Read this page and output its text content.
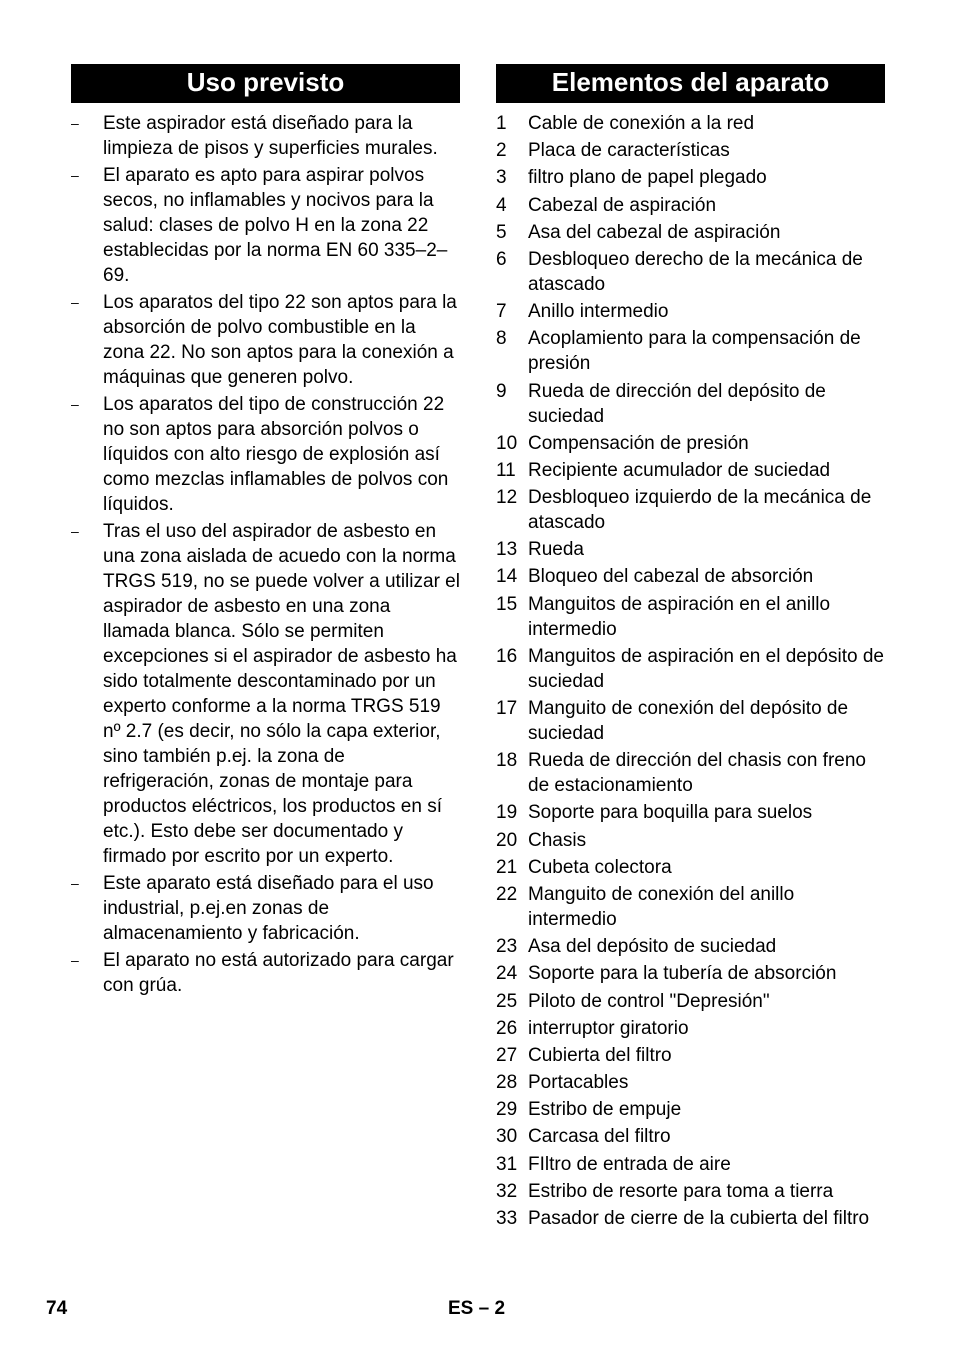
Uso previsto
– Este aspirador está diseñado para la limpieza de pisos y superficies murales.
– El aparato es apto para aspirar polvos secos, no inflamables y nocivos para la salud: clases de polvo H en la zona 22 establecidas por la norma EN 60 335–2–69.
– Los aparatos del tipo 22 son aptos para la absorción de polvo combustible en la zona 22. No son aptos para la conexión a máquinas que generen polvo.
– Los aparatos del tipo de construcción 22 no son aptos para absorción polvos o líquidos con alto riesgo de explosión así como mezclas inflamables de polvos con líquidos.
– Tras el uso del aspirador de asbesto en una zona aislada de acuedo con la norma TRGS 519, no se puede volver a utilizar el aspirador de asbesto en una zona llamada blanca. Sólo se permiten excepciones si el aspirador de asbesto ha sido totalmente descontaminado por un experto conforme a la norma TRGS 519 nº 2.7 (es decir, no sólo la capa exterior, sino también p.ej. la zona de refrigeración, zonas de montaje para productos eléctricos, los productos en sí etc.). Esto debe ser documentado y firmado por escrito por un experto.
– Este aparato está diseñado para el uso industrial, p.ej.en zonas de almacenamiento y fabricación.
– El aparato no está autorizado para cargar con grúa.
Elementos del aparato
1 Cable de conexión a la red
2 Placa de características
3 filtro plano de papel plegado
4 Cabezal de aspiración
5 Asa del cabezal de aspiración
6 Desbloqueo derecho de la mecánica de atascado
7 Anillo intermedio
8 Acoplamiento para la compensación de presión
9 Rueda de dirección del depósito de suciedad
10 Compensación de presión
11 Recipiente acumulador de suciedad
12 Desbloqueo izquierdo de la mecánica de atascado
13 Rueda
14 Bloqueo del cabezal de absorción
15 Manguitos de aspiración en el anillo intermedio
16 Manguitos de aspiración en el depósito de suciedad
17 Manguito de conexión del depósito de suciedad
18 Rueda de dirección del chasis con freno de estacionamiento
19 Soporte para boquilla para suelos
20 Chasis
21 Cubeta colectora
22 Manguito de conexión del anillo intermedio
23 Asa del depósito de suciedad
24 Soporte para la tubería de absorción
25 Piloto de control "Depresión"
26 interruptor giratorio
27 Cubierta del filtro
28 Portacables
29 Estribo de empuje
30 Carcasa del filtro
31 FIltro de entrada de aire
32 Estribo de resorte para toma a tierra
33 Pasador de cierre de la cubierta del filtro
74	ES – 2
